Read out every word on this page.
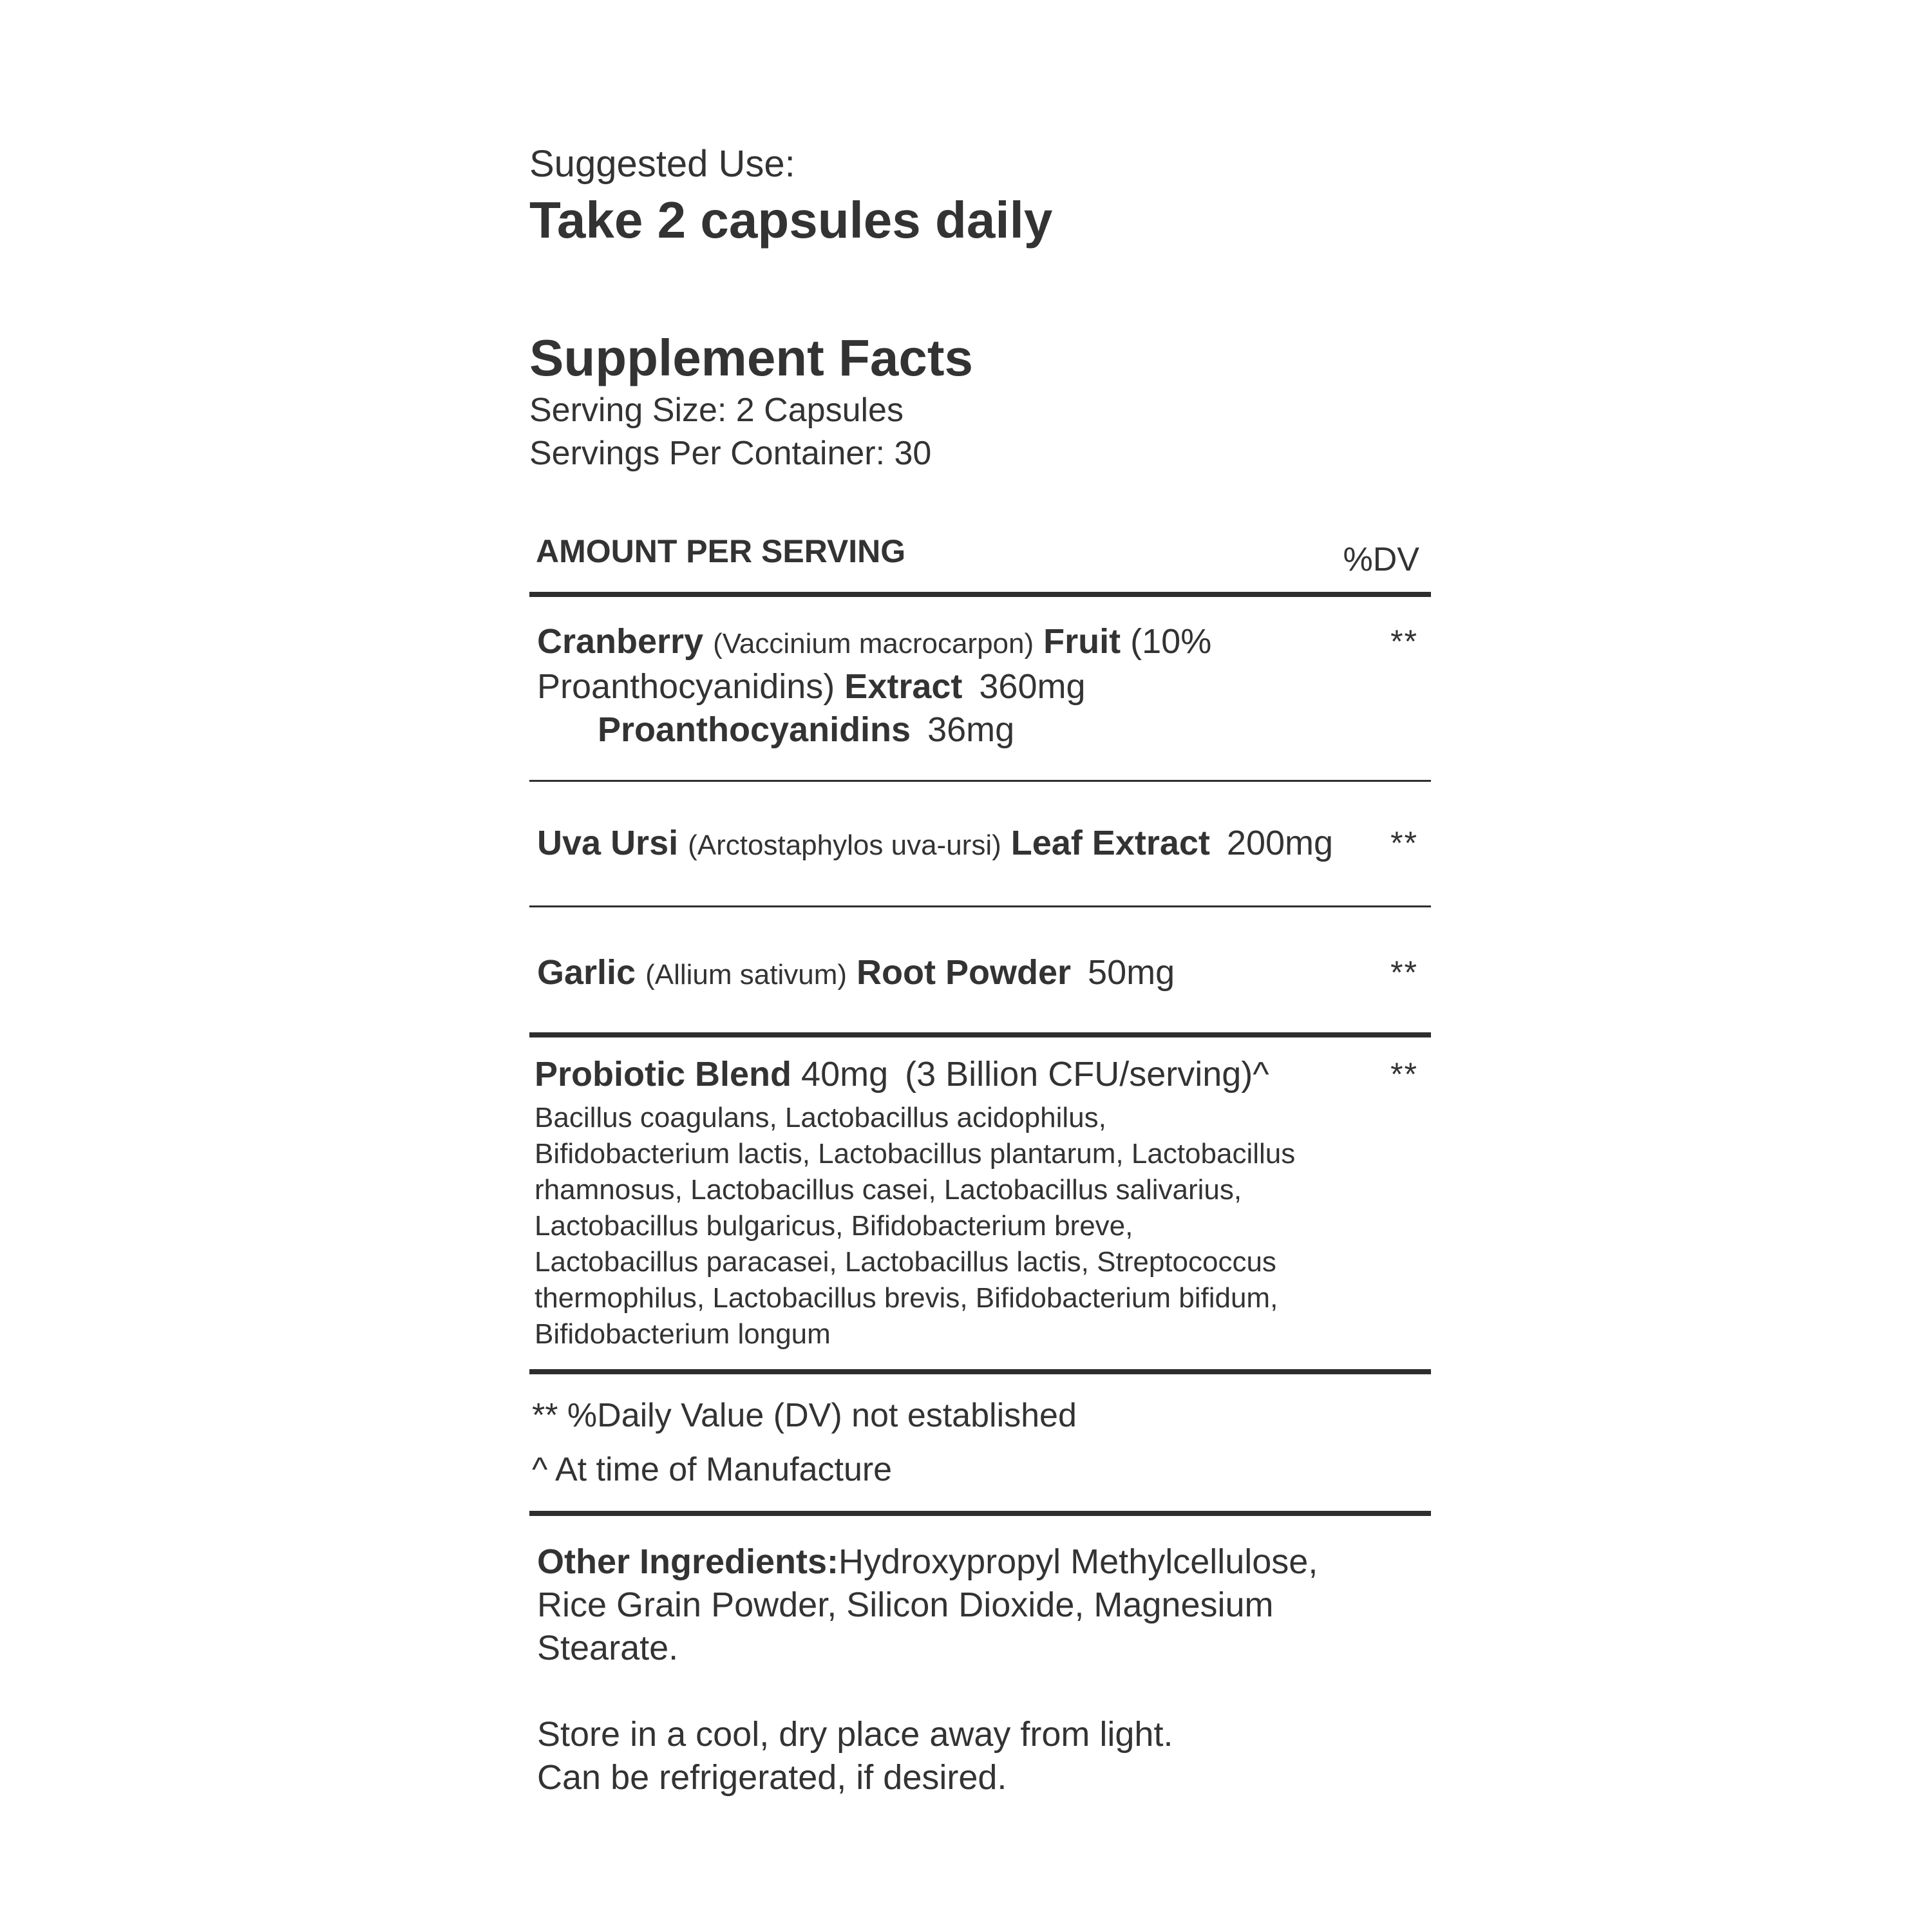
Suggested Use:
Take 2 capsules daily
Supplement Facts
Serving Size: 2 Capsules
Servings Per Container: 30
AMOUNT PER SERVING	%DV
**
Cranberry (Vaccinium macrocarpon) Fruit (10%
Proanthocyanidins) Extract 360mg
Proanthocyanidins 36mg
**
Uva Ursi (Arctostaphylos uva-ursi) Leaf Extract 200mg
**
Garlic (Allium sativum) Root Powder 50mg
**
Probiotic Blend 40mg (3 Billion CFU/serving)^
Bacillus coagulans, Lactobacillus acidophilus, Bifidobacterium lactis, Lactobacillus plantarum, Lactobacillus rhamnosus, Lactobacillus casei, Lactobacillus salivarius, Lactobacillus bulgaricus, Bifidobacterium breve, Lactobacillus paracasei, Lactobacillus lactis, Streptococcus thermophilus, Lactobacillus brevis, Bifidobacterium bifidum, Bifidobacterium longum
** %Daily Value (DV) not established
^ At time of Manufacture
Other Ingredients:Hydroxypropyl Methylcellulose, Rice Grain Powder, Silicon Dioxide, Magnesium Stearate.
Store in a cool, dry place away from light.
Can be refrigerated, if desired.
